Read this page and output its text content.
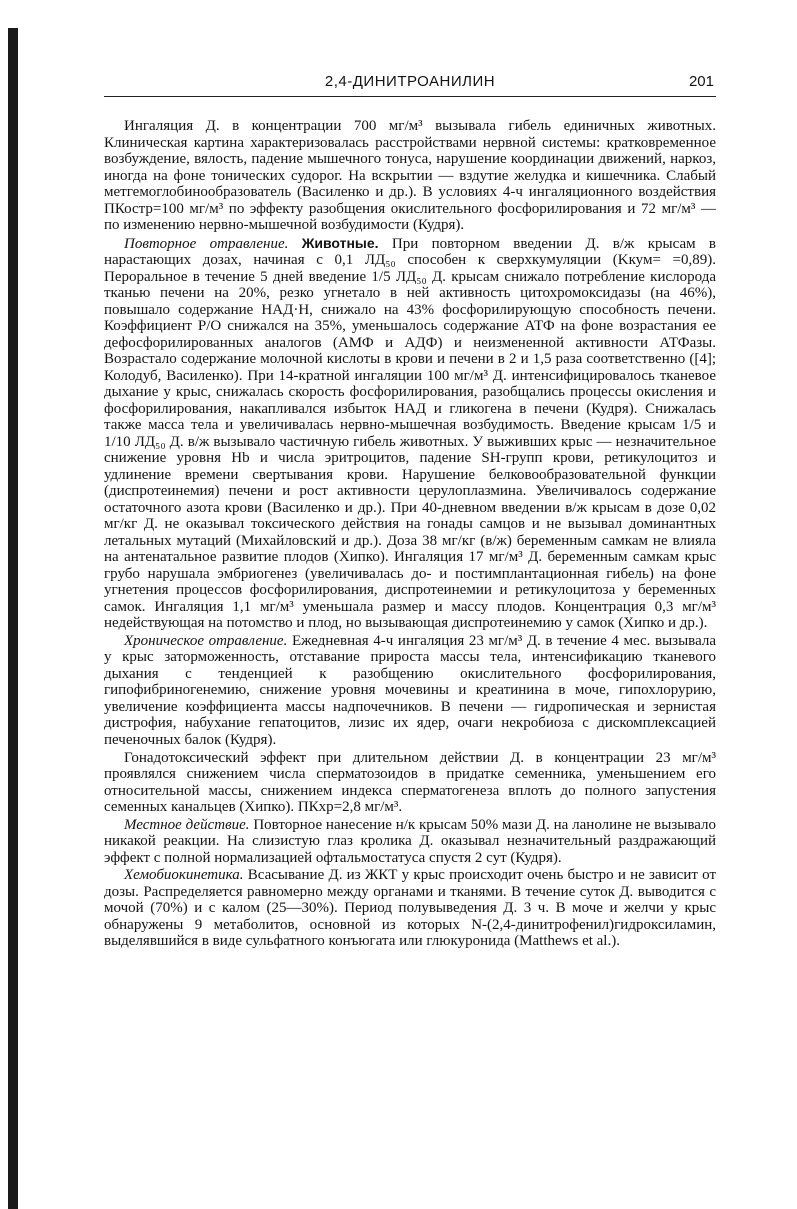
2,4-ДИНИТРОАНИЛИН	201

Ингаляция Д. в концентрации 700 мг/м³ вызывала гибель единичных животных. Клиническая картина характеризовалась расстройствами нервной системы: кратковременное возбуждение, вялость, падение мышечного тонуса, нарушение координации движений, наркоз, иногда на фоне тонических судорог. На вскрытии — вздутие желудка и кишечника. Слабый метгемоглобинообразователь (Василенко и др.). В условиях 4-ч ингаляционного воздействия ПКостр=100 мг/м³ по эффекту разобщения окислительного фосфорилирования и 72 мг/м³ — по изменению нервно-мышечной возбудимости (Кудря).

Повторное отравление. Животные. При повторном введении Д. в/ж крысам в нарастающих дозах, начиная с 0,1 ЛД₅₀ способен к сверхкумуляции (Kкум= =0,89). Пероральное в течение 5 дней введение 1/5 ЛД₅₀ Д. крысам снижало потребление кислорода тканью печени на 20%, резко угнетало в ней активность цитохромоксидазы (на 46%), повышало содержание НАД·Н, снижало на 43% фосфорилирующую способность печени. Коэффициент Р/О снижался на 35%, уменьшалось содержание АТФ на фоне возрастания ее дефосфорилированных аналогов (АМФ и АДФ) и неизмененной активности АТФазы. Возрастало содержание молочной кислоты в крови и печени в 2 и 1,5 раза соответственно ([4]; Колодуб, Василенко). При 14-кратной ингаляции 100 мг/м³ Д. интенсифицировалось тканевое дыхание у крыс, снижалась скорость фосфорилирования, разобщались процессы окисления и фосфорилирования, накапливался избыток НАД и гликогена в печени (Кудря). Снижалась также масса тела и увеличивалась нервно-мышечная возбудимость. Введение крысам 1/5 и 1/10 ЛД₅₀ Д. в/ж вызывало частичную гибель животных. У выживших крыс — незначительное снижение уровня Hb и числа эритроцитов, падение SH-групп крови, ретикулоцитоз и удлинение времени свертывания крови. Нарушение белковообразовательной функции (диспротеинемия) печени и рост активности церулоплазмина. Увеличивалось содержание остаточного азота крови (Василенко и др.). При 40-дневном введении в/ж крысам в дозе 0,02 мг/кг Д. не оказывал токсического действия на гонады самцов и не вызывал доминантных летальных мутаций (Михайловский и др.). Доза 38 мг/кг (в/ж) беременным самкам не влияла на антенатальное развитие плодов (Хипко). Ингаляция 17 мг/м³ Д. беременным самкам крыс грубо нарушала эмбриогенез (увеличивалась до- и постимплантационная гибель) на фоне угнетения процессов фосфорилирования, диспротеинемии и ретикулоцитоза у беременных самок. Ингаляция 1,1 мг/м³ уменьшала размер и массу плодов. Концентрация 0,3 мг/м³ недействующая на потомство и плод, но вызывающая диспротеинемию у самок (Хипко и др.).

Хроническое отравление. Ежедневная 4-ч ингаляция 23 мг/м³ Д. в течение 4 мес. вызывала у крыс заторможенность, отставание прироста массы тела, интенсификацию тканевого дыхания с тенденцией к разобщению окислительного фосфорилирования, гипофибриногенемию, снижение уровня мочевины и креатинина в моче, гипохлорурию, увеличение коэффициента массы надпочечников. В печени — гидропическая и зернистая дистрофия, набухание гепатоцитов, лизис их ядер, очаги некробиоза с дискомплексацией печеночных балок (Кудря).

Гонадотоксический эффект при длительном действии Д. в концентрации 23 мг/м³ проявлялся снижением числа сперматозоидов в придатке семенника, уменьшением его относительной массы, снижением индекса сперматогенеза вплоть до полного запустения семенных канальцев (Хипко). ПКхр=2,8 мг/м³.

Местное действие. Повторное нанесение н/к крысам 50% мази Д. на ланолине не вызывало никакой реакции. На слизистую глаз кролика Д. оказывал незначительный раздражающий эффект с полной нормализацией офтальмостатуса спустя 2 сут (Кудря).

Хемобиокинетика. Всасывание Д. из ЖКТ у крыс происходит очень быстро и не зависит от дозы. Распределяется равномерно между органами и тканями. В течение суток Д. выводится с мочой (70%) и с калом (25—30%). Период полувыведения Д. 3 ч. В моче и желчи у крыс обнаружены 9 метаболитов, основной из которых N-(2,4-динитрофенил)гидроксиламин, выделявшийся в виде сульфатного конъюгата или глюкуронида (Matthews et al.).
